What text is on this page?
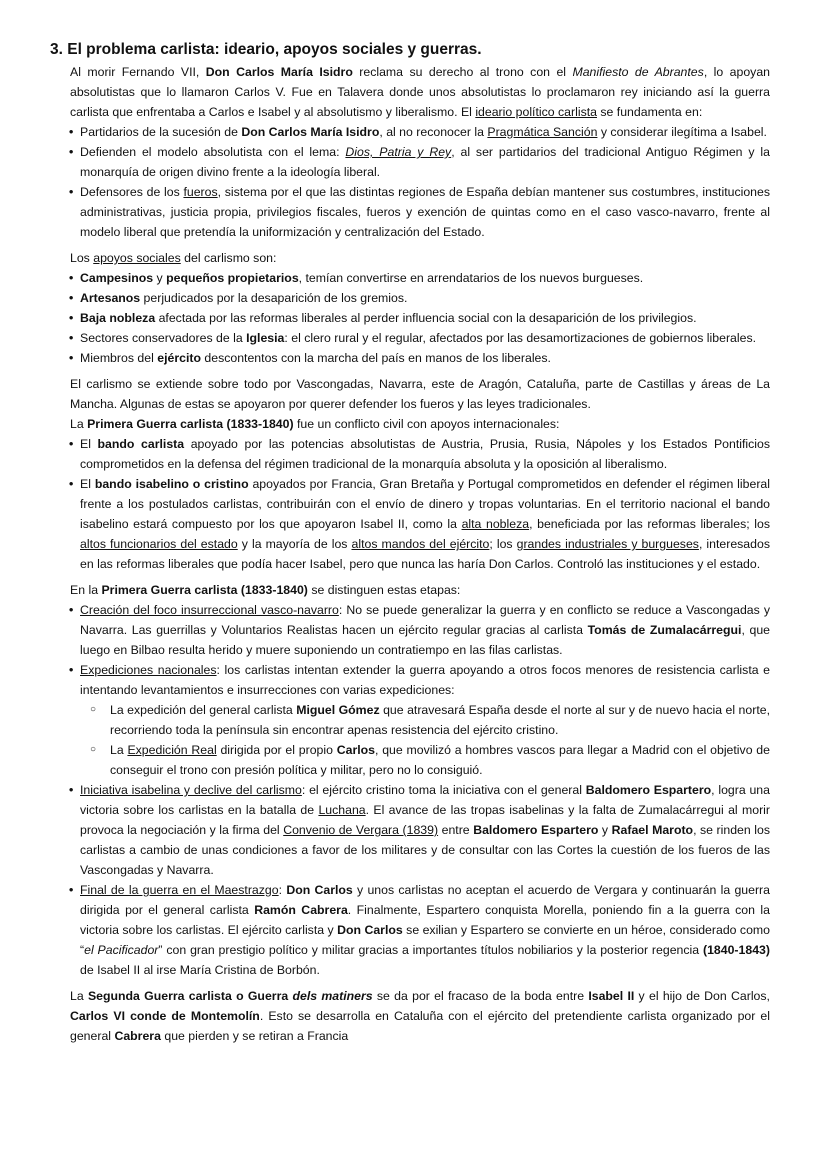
3. El problema carlista: ideario, apoyos sociales y guerras.

Al morir Fernando VII, Don Carlos María Isidro reclama su derecho al trono con el Manifiesto de Abrantes, lo apoyan absolutistas que lo llamaron Carlos V. Fue en Talavera donde unos absolutistas lo proclamaron rey iniciando así la guerra carlista que enfrentaba a Carlos e Isabel y al absolutismo y liberalismo. El ideario político carlista se fundamenta en:

• Partidarios de la sucesión de Don Carlos María Isidro, al no reconocer la Pragmática Sanción y considerar ilegítima a Isabel.
• Defienden el modelo absolutista con el lema: Dios, Patria y Rey, al ser partidarios del tradicional Antiguo Régimen y la monarquía de origen divino frente a la ideología liberal.
• Defensores de los fueros, sistema por el que las distintas regiones de España debían mantener sus costumbres, instituciones administrativas, justicia propia, privilegios fiscales, fueros y exención de quintas como en el caso vasco-navarro, frente al modelo liberal que pretendía la uniformización y centralización del Estado.

Los apoyos sociales del carlismo son:

• Campesinos y pequeños propietarios, temían convertirse en arrendatarios de los nuevos burgueses.
• Artesanos perjudicados por la desaparición de los gremios.
• Baja nobleza afectada por las reformas liberales al perder influencia social con la desaparición de los privilegios.
• Sectores conservadores de la Iglesia: el clero rural y el regular, afectados por las desamortizaciones de gobiernos liberales.
• Miembros del ejército descontentos con la marcha del país en manos de los liberales.

El carlismo se extiende sobre todo por Vascongadas, Navarra, este de Aragón, Cataluña, parte de Castillas y áreas de La Mancha. Algunas de estas se apoyaron por querer defender los fueros y las leyes tradicionales.

La Primera Guerra carlista (1833-1840) fue un conflicto civil con apoyos internacionales:

• El bando carlista apoyado por las potencias absolutistas de Austria, Prusia, Rusia, Nápoles y los Estados Pontificios comprometidos en la defensa del régimen tradicional de la monarquía absoluta y la oposición al liberalismo.
• El bando isabelino o cristino apoyados por Francia, Gran Bretaña y Portugal comprometidos en defender el régimen liberal frente a los postulados carlistas, contribuirán con el envío de dinero y tropas voluntarias. En el territorio nacional el bando isabelino estará compuesto por los que apoyaron Isabel II, como la alta nobleza, beneficiada por las reformas liberales; los altos funcionarios del estado y la mayoría de los altos mandos del ejército; los grandes industriales y burgueses, interesados en las reformas liberales que podía hacer Isabel, pero que nunca las haría Don Carlos. Controló las instituciones y el estado.

En la Primera Guerra carlista (1833-1840) se distinguen estas etapas:

• Creación del foco insurreccional vasco-navarro: No se puede generalizar la guerra y en conflicto se reduce a Vascongadas y Navarra. Las guerrillas y Voluntarios Realistas hacen un ejército regular gracias al carlista Tomás de Zumalacárregui, que luego en Bilbao resulta herido y muere suponiendo un contratiempo en las filas carlistas.
• Expediciones nacionales: los carlistas intentan extender la guerra apoyando a otros focos menores de resistencia carlista e intentando levantamientos e insurrecciones con varias expediciones:
○ La expedición del general carlista Miguel Gómez que atravesará España desde el norte al sur y de nuevo hacia el norte, recorriendo toda la península sin encontrar apenas resistencia del ejército cristino.
○ La Expedición Real dirigida por el propio Carlos, que movilizó a hombres vascos para llegar a Madrid con el objetivo de conseguir el trono con presión política y militar, pero no lo consiguió.
• Iniciativa isabelina y declive del carlismo: el ejército cristino toma la iniciativa con el general Baldomero Espartero, logra una victoria sobre los carlistas en la batalla de Luchana. El avance de las tropas isabelinas y la falta de Zumalacárregui al morir provoca la negociación y la firma del Convenio de Vergara (1839) entre Baldomero Espartero y Rafael Maroto, se rinden los carlistas a cambio de unas condiciones a favor de los militares y de consultar con las Cortes la cuestión de los fueros de las Vascongadas y Navarra.
• Final de la guerra en el Maestrazgo: Don Carlos y unos carlistas no aceptan el acuerdo de Vergara y continuarán la guerra dirigida por el general carlista Ramón Cabrera. Finalmente, Espartero conquista Morella, poniendo fin a la guerra con la victoria sobre los carlistas. El ejército carlista y Don Carlos se exilian y Espartero se convierte en un héroe, considerado como “el Pacificador” con gran prestigio político y militar gracias a importantes títulos nobiliarios y la posterior regencia (1840-1843) de Isabel II al irse María Cristina de Borbón.

La Segunda Guerra carlista o Guerra dels matiners se da por el fracaso de la boda entre Isabel II y el hijo de Don Carlos, Carlos VI conde de Montemolín. Esto se desarrolla en Cataluña con el ejército del pretendiente carlista organizado por el general Cabrera que pierden y se retiran a Francia
